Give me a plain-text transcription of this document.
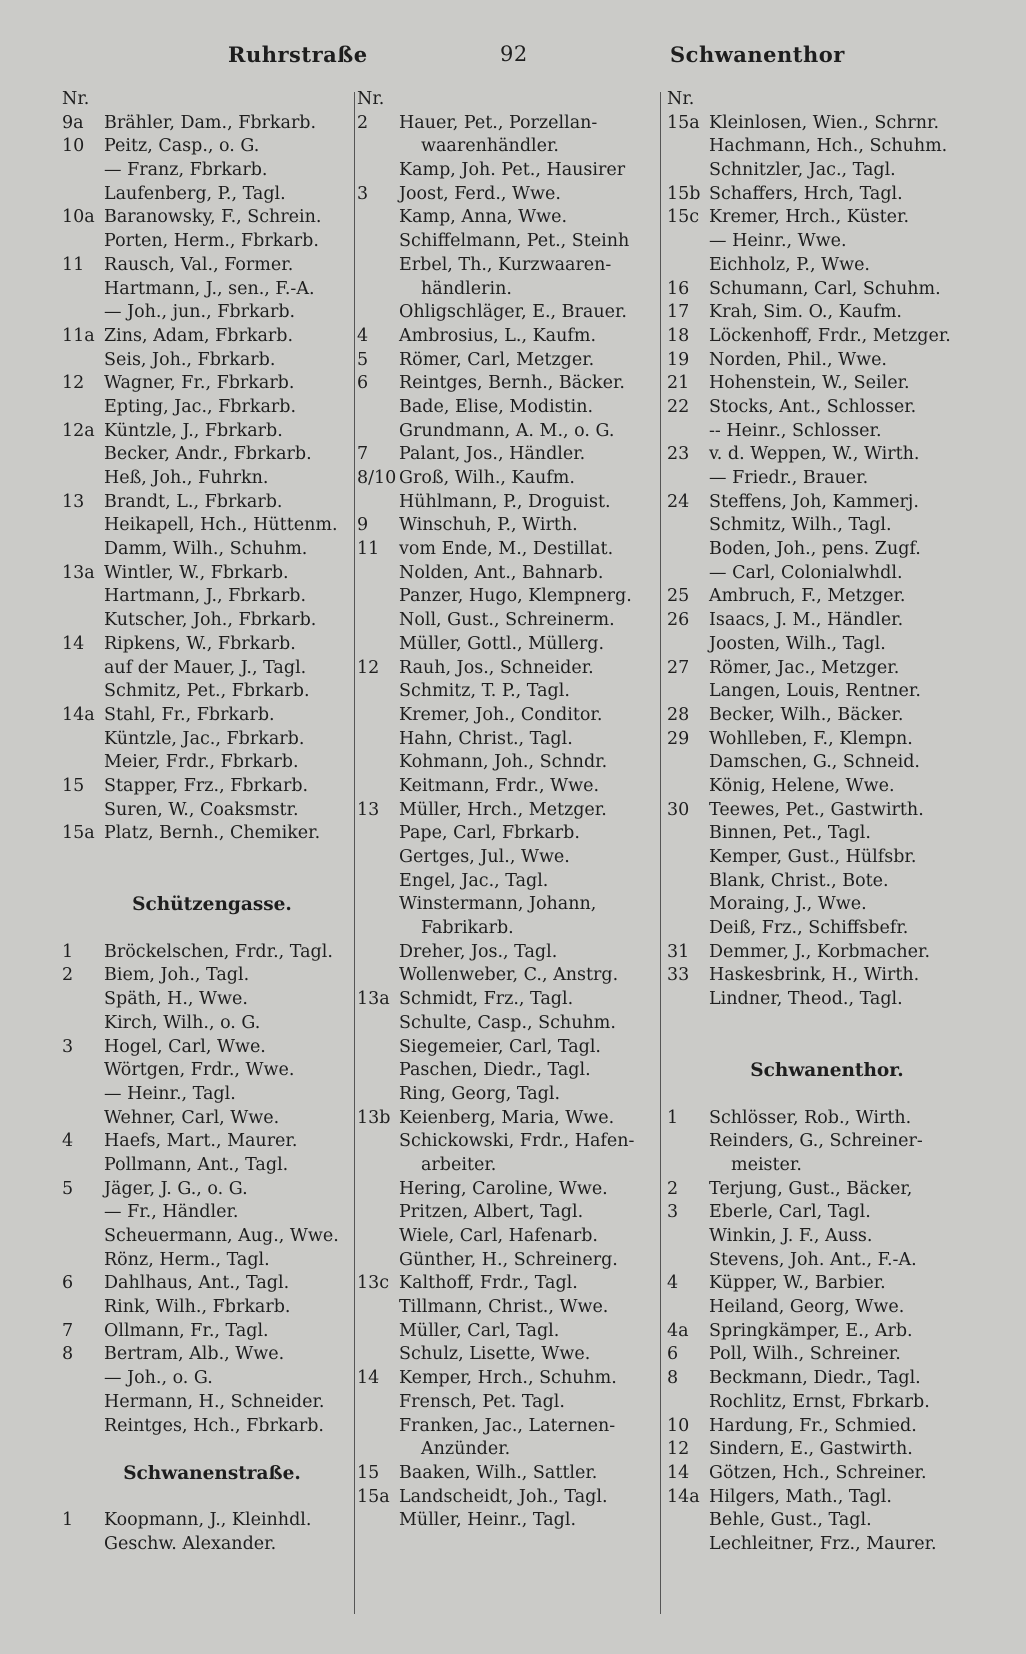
Ruhrstraße	92	Schwanenthor
Nr.
9a Brähler, Dam., Fbrkarb.
10 Peitz, Casp., o. G.
— Franz, Fbrkarb.
Laufenberg, P., Tagl.
10a Baranowsky, F., Schrein.
Porten, Herm., Fbrkarb.
11 Rausch, Val., Former.
Hartmann, J., sen., F.-A.
— Joh., jun., Fbrkarb.
11a Zins, Adam, Fbrkarb.
Seis, Joh., Fbrkarb.
12 Wagner, Fr., Fbrkarb.
Epting, Jac., Fbrkarb.
12a Küntzle, J., Fbrkarb.
Becker, Andr., Fbrkarb.
Heß, Joh., Fuhrkn.
13 Brandt, L., Fbrkarb.
Heikapell, Hch., Hüttenm.
Damm, Wilh., Schuhm.
13a Wintler, W., Fbrkarb.
Hartmann, J., Fbrkarb.
Kutscher, Joh., Fbrkarb.
14 Ripkens, W., Fbrkarb.
auf der Mauer, J., Tagl.
Schmitz, Pet., Fbrkarb.
14a Stahl, Fr., Fbrkarb.
Küntzle, Jac., Fbrkarb.
Meier, Frdr., Fbrkarb.
15 Stapper, Frz., Fbrkarb.
Suren, W., Coaksmstr.
15a Platz, Bernh., Chemiker.
Schützengasse.
1 Bröckelschen, Frdr., Tagl.
2 Biem, Joh., Tagl.
Späth, H., Wwe.
Kirch, Wilh., o. G.
3 Hogel, Carl, Wwe.
Wörtgen, Frdr., Wwe.
— Heinr., Tagl.
Wehner, Carl, Wwe.
4 Haefs, Mart., Maurer.
Pollmann, Ant., Tagl.
5 Jäger, J. G., o. G.
— Fr., Händler.
Scheuermann, Aug., Wwe.
Rönz, Herm., Tagl.
6 Dahlhaus, Ant., Tagl.
Rink, Wilh., Fbrkarb.
7 Ollmann, Fr., Tagl.
8 Bertram, Alb., Wwe.
— Joh., o. G.
Hermann, H., Schneider.
Reintges, Hch., Fbrkarb.
Schwanenstraße.
1 Koopmann, J., Kleinhdl.
Geschw. Alexander.
Nr.
2 Hauer, Pet., Porzellan-
waarenhändler.
Kamp, Joh. Pet., Hausirer
3 Joost, Ferd., Wwe.
Kamp, Anna, Wwe.
Schiffelmann, Pet., Steinh
Erbel, Th., Kurzwaaren-
händlerin.
Ohligschläger, E., Brauer.
4 Ambrosius, L., Kaufm.
5 Römer, Carl, Metzger.
6 Reintges, Bernh., Bäcker.
Bade, Elise, Modistin.
Grundmann, A. M., o. G.
7 Palant, Jos., Händler.
8/10 Groß, Wilh., Kaufm.
Hühlmann, P., Droguist.
9 Winschuh, P., Wirth.
11 vom Ende, M., Destillat.
Nolden, Ant., Bahnarb.
Panzer, Hugo, Klempnerg.
Noll, Gust., Schreinerm.
Müller, Gottl., Müllerg.
12 Rauh, Jos., Schneider.
Schmitz, T. P., Tagl.
Kremer, Joh., Conditor.
Hahn, Christ., Tagl.
Kohmann, Joh., Schndr.
Keitmann, Frdr., Wwe.
13 Müller, Hrch., Metzger.
Pape, Carl, Fbrkarb.
Gertges, Jul., Wwe.
Engel, Jac., Tagl.
Winstermann, Johann,
Fabrikarb.
Dreher, Jos., Tagl.
Wollenweber, C., Anstrg.
13a Schmidt, Frz., Tagl.
Schulte, Casp., Schuhm.
Siegemeier, Carl, Tagl.
Paschen, Diedr., Tagl.
Ring, Georg, Tagl.
13b Keienberg, Maria, Wwe.
Schickowski, Frdr., Hafen-
arbeiter.
Hering, Caroline, Wwe.
Pritzen, Albert, Tagl.
Wiele, Carl, Hafenarb.
Günther, H., Schreinerg.
13c Kalthoff, Frdr., Tagl.
Tillmann, Christ., Wwe.
Müller, Carl, Tagl.
Schulz, Lisette, Wwe.
14 Kemper, Hrch., Schuhm.
Frensch, Pet. Tagl.
Franken, Jac., Laternen-
Anzünder.
15 Baaken, Wilh., Sattler.
15a Landscheidt, Joh., Tagl.
Müller, Heinr., Tagl.
Nr.
15a Kleinlosen, Wien., Schrnr.
Hachmann, Hch., Schuhm.
Schnitzler, Jac., Tagl.
15b Schaffers, Hrch, Tagl.
15c Kremer, Hrch., Küster.
— Heinr., Wwe.
Eichholz, P., Wwe.
16 Schumann, Carl, Schuhm.
17 Krah, Sim. O., Kaufm.
18 Löckenhoff, Frdr., Metzger.
19 Norden, Phil., Wwe.
21 Hohenstein, W., Seiler.
22 Stocks, Ant., Schlosser.
-- Heinr., Schlosser.
23 v. d. Weppen, W., Wirth.
— Friedr., Brauer.
24 Steffens, Joh, Kammerj.
Schmitz, Wilh., Tagl.
Boden, Joh., pens. Zugf.
— Carl, Colonialwhdl.
25 Ambruch, F., Metzger.
26 Isaacs, J. M., Händler.
Joosten, Wilh., Tagl.
27 Römer, Jac., Metzger.
Langen, Louis, Rentner.
28 Becker, Wilh., Bäcker.
29 Wohlleben, F., Klempn.
Damschen, G., Schneid.
König, Helene, Wwe.
30 Teewes, Pet., Gastwirth.
Binnen, Pet., Tagl.
Kemper, Gust., Hülfsbr.
Blank, Christ., Bote.
Moraing, J., Wwe.
Deiß, Frz., Schiffsbefr.
31 Demmer, J., Korbmacher.
33 Haskesbrink, H., Wirth.
Lindner, Theod., Tagl.
Schwanenthor.
1 Schlösser, Rob., Wirth.
Reinders, G., Schreiner-
meister.
2 Terjung, Gust., Bäcker,
3 Eberle, Carl, Tagl.
Winkin, J. F., Auss.
Stevens, Joh. Ant., F.-A.
4 Küpper, W., Barbier.
Heiland, Georg, Wwe.
4a Springkämper, E., Arb.
6 Poll, Wilh., Schreiner.
8 Beckmann, Diedr., Tagl.
Rochlitz, Ernst, Fbrkarb.
10 Hardung, Fr., Schmied.
12 Sindern, E., Gastwirth.
14 Götzen, Hch., Schreiner.
14a Hilgers, Math., Tagl.
Behle, Gust., Tagl.
Lechleitner, Frz., Maurer.
